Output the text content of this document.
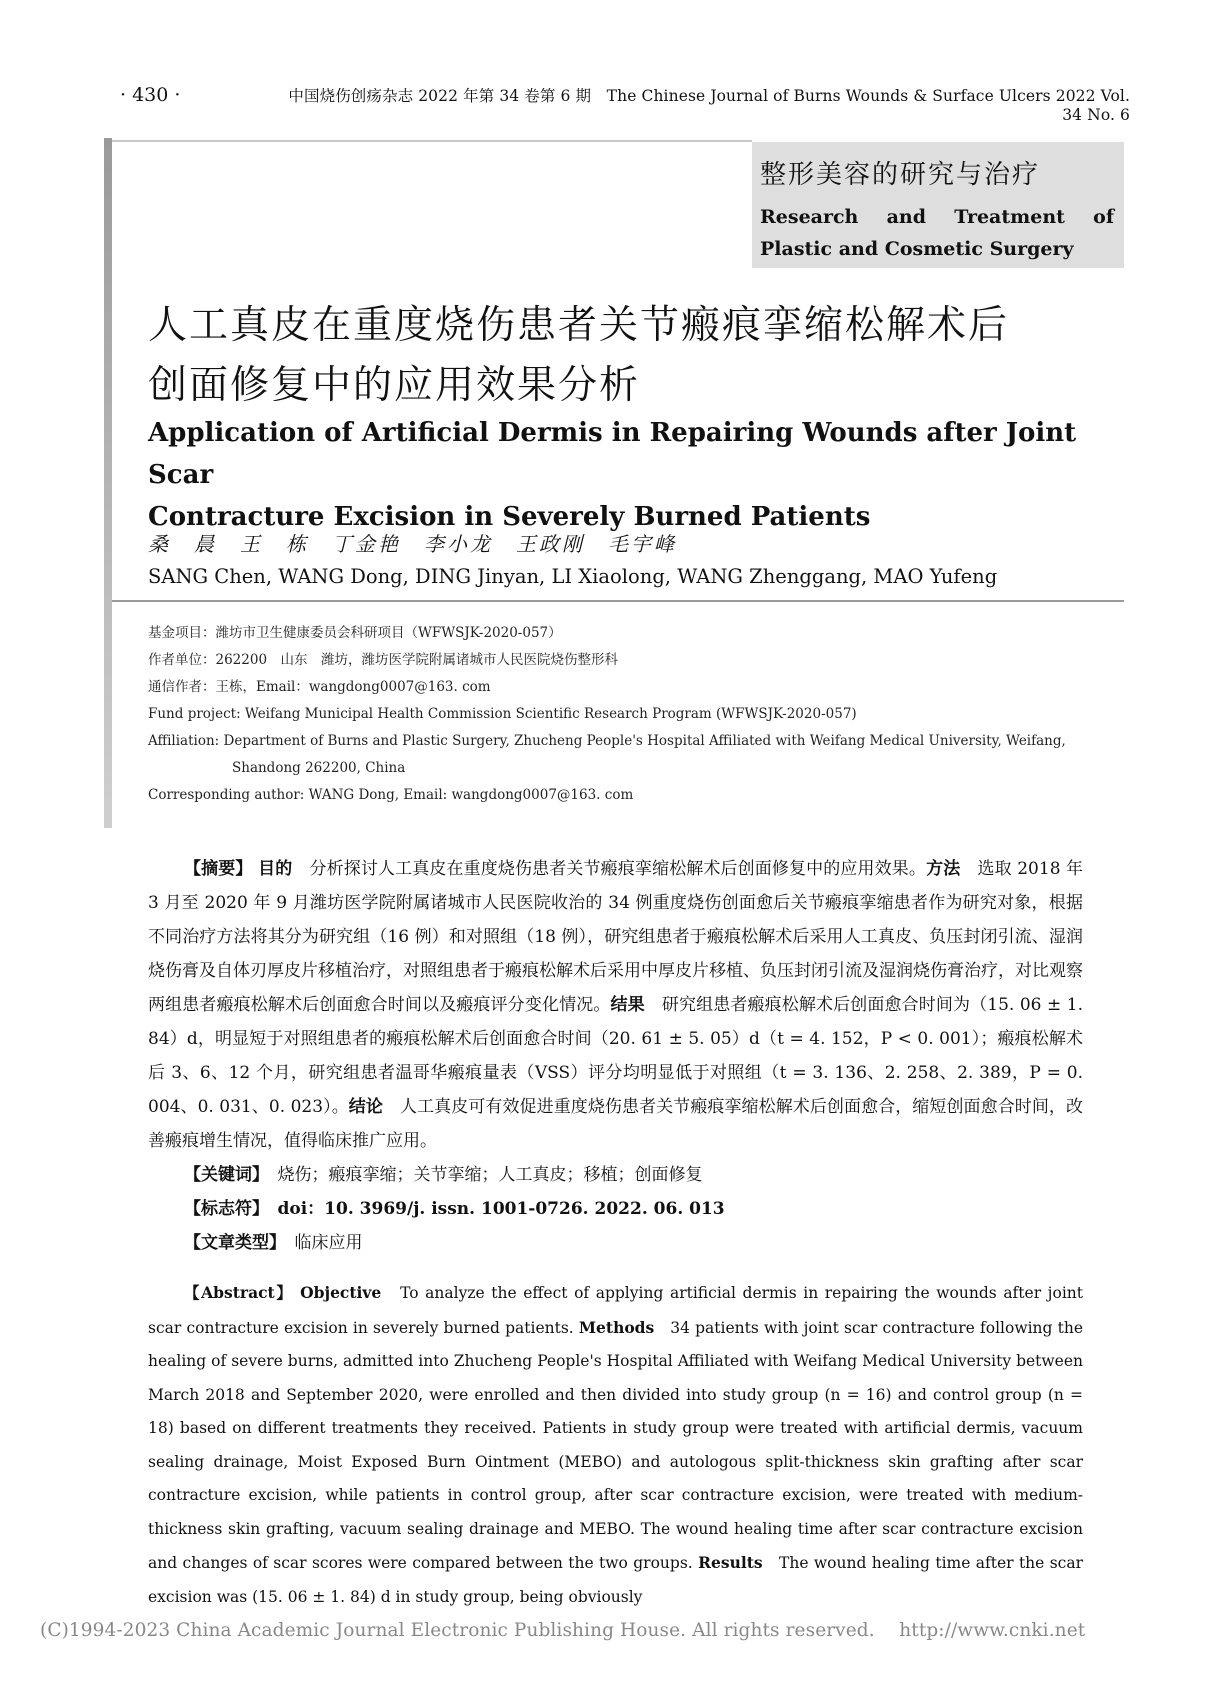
· 430 ·	中国烧伤创疡杂志 2022 年第 34 卷第 6 期　The Chinese Journal of Burns Wounds & Surface Ulcers 2022 Vol. 34 No. 6
整形美容的研究与治疗
Research and Treatment of Plastic and Cosmetic Surgery
人工真皮在重度烧伤患者关节瘢痕挛缩松解术后
创面修复中的应用效果分析
Application of Artificial Dermis in Repairing Wounds after Joint Scar
Contracture Excision in Severely Burned Patients
桑　晨　王　栋　丁金艳　李小龙　王政刚　毛宇峰
SANG Chen, WANG Dong, DING Jinyan, LI Xiaolong, WANG Zhenggang, MAO Yufeng
基金项目：潍坊市卫生健康委员会科研项目（WFWSJK-2020-057）
作者单位：262200　山东　潍坊，潍坊医学院附属诸城市人民医院烧伤整形科
通信作者：王栋，Email：wangdong0007@163. com
Fund project: Weifang Municipal Health Commission Scientific Research Program (WFWSJK-2020-057)
Affiliation: Department of Burns and Plastic Surgery, Zhucheng People's Hospital Affiliated with Weifang Medical University, Weifang,
Shandong 262200, China
Corresponding author: WANG Dong, Email: wangdong0007@163. com
【摘要】 目的　分析探讨人工真皮在重度烧伤患者关节瘢痕挛缩松解术后创面修复中的应用效果。方法　选取 2018 年 3 月至 2020 年 9 月潍坊医学院附属诸城市人民医院收治的 34 例重度烧伤创面愈后关节瘢痕挛缩患者作为研究对象，根据不同治疗方法将其分为研究组（16 例）和对照组（18 例），研究组患者于瘢痕松解术后采用人工真皮、负压封闭引流、湿润烧伤膏及自体刃厚皮片移植治疗，对照组患者于瘢痕松解术后采用中厚皮片移植、负压封闭引流及湿润烧伤膏治疗，对比观察两组患者瘢痕松解术后创面愈合时间以及瘢痕评分变化情况。结果　研究组患者瘢痕松解术后创面愈合时间为（15. 06 ± 1. 84）d，明显短于对照组患者的瘢痕松解术后创面愈合时间（20. 61 ± 5. 05）d（t = 4. 152，P < 0. 001）；瘢痕松解术后 3、6、12 个月，研究组患者温哥华瘢痕量表（VSS）评分均明显低于对照组（t = 3. 136、2. 258、2. 389，P = 0. 004、0. 031、0. 023）。结论　人工真皮可有效促进重度烧伤患者关节瘢痕挛缩松解术后创面愈合，缩短创面愈合时间，改善瘢痕增生情况，值得临床推广应用。
【关键词】　烧伤；瘢痕挛缩；关节挛缩；人工真皮；移植；创面修复
【标志符】　doi：10. 3969/j. issn. 1001-0726. 2022. 06. 013
【文章类型】　临床应用
【Abstract】 Objective　To analyze the effect of applying artificial dermis in repairing the wounds after joint scar contracture excision in severely burned patients. Methods　34 patients with joint scar contracture following the healing of severe burns, admitted into Zhucheng People's Hospital Affiliated with Weifang Medical University between March 2018 and September 2020, were enrolled and then divided into study group (n = 16) and control group (n = 18) based on different treatments they received. Patients in study group were treated with artificial dermis, vacuum sealing drainage, Moist Exposed Burn Ointment (MEBO) and autologous split-thickness skin grafting after scar contracture excision, while patients in control group, after scar contracture excision, were treated with medium-thickness skin grafting, vacuum sealing drainage and MEBO. The wound healing time after scar contracture excision and changes of scar scores were compared between the two groups. Results　The wound healing time after the scar excision was (15. 06 ± 1. 84) d in study group, being obviously
(C)1994-2023 China Academic Journal Electronic Publishing House. All rights reserved.　 http://www.cnki.net
